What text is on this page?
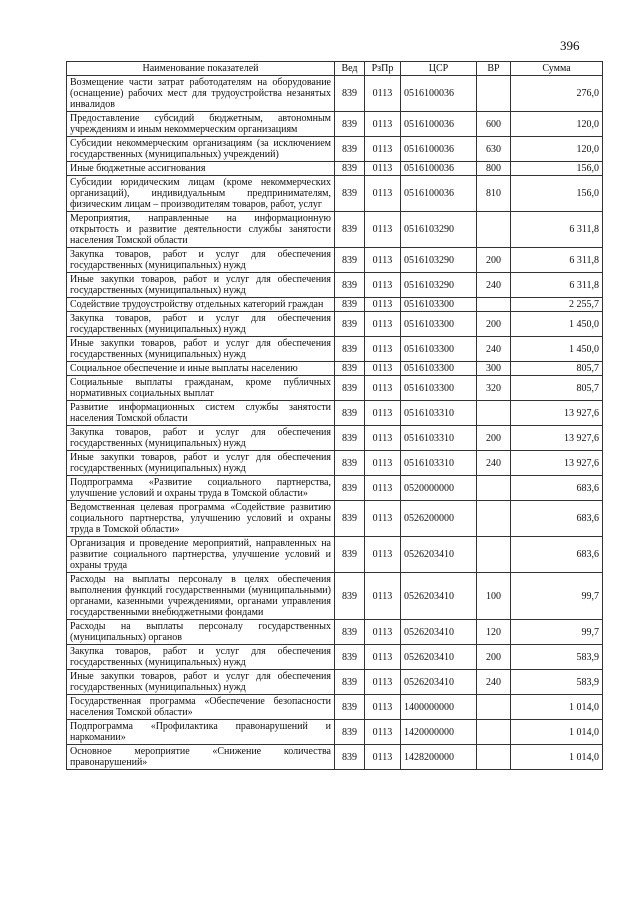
396
Наименование показателей	Вед	РзПр	ЦСР	ВР	Сумма
Возмещение части затрат работодателям на оборудование (оснащение) рабочих мест для трудоустройства незанятых инвалидов	839	0113	0516100036		276,0
Предоставление субсидий бюджетным, автономным учреждениям и иным некоммерческим организациям	839	0113	0516100036	600	120,0
Субсидии некоммерческим организациям (за исключением государственных (муниципальных) учреждений)	839	0113	0516100036	630	120,0
Иные бюджетные ассигнования	839	0113	0516100036	800	156,0
Субсидии юридическим лицам (кроме некоммерческих организаций), индивидуальным предпринимателям, физическим лицам – производителям товаров, работ, услуг	839	0113	0516100036	810	156,0
Мероприятия, направленные на информационную открытость и развитие деятельности службы занятости населения Томской области	839	0113	0516103290		6 311,8
Закупка товаров, работ и услуг для обеспечения государственных (муниципальных) нужд	839	0113	0516103290	200	6 311,8
Иные закупки товаров, работ и услуг для обеспечения государственных (муниципальных) нужд	839	0113	0516103290	240	6 311,8
Содействие трудоустройству отдельных категорий граждан	839	0113	0516103300		2 255,7
Закупка товаров, работ и услуг для обеспечения государственных (муниципальных) нужд	839	0113	0516103300	200	1 450,0
Иные закупки товаров, работ и услуг для обеспечения государственных (муниципальных) нужд	839	0113	0516103300	240	1 450,0
Социальное обеспечение и иные выплаты населению	839	0113	0516103300	300	805,7
Социальные выплаты гражданам, кроме публичных нормативных социальных выплат	839	0113	0516103300	320	805,7
Развитие информационных систем службы занятости населения Томской области	839	0113	0516103310		13 927,6
Закупка товаров, работ и услуг для обеспечения государственных (муниципальных) нужд	839	0113	0516103310	200	13 927,6
Иные закупки товаров, работ и услуг для обеспечения государственных (муниципальных) нужд	839	0113	0516103310	240	13 927,6
Подпрограмма «Развитие социального партнерства, улучшение условий и охраны труда в Томской области»	839	0113	0520000000		683,6
Ведомственная целевая программа «Содействие развитию социального партнерства, улучшению условий и охраны труда в Томской области»	839	0113	0526200000		683,6
Организация и проведение мероприятий, направленных на развитие социального партнерства, улучшение условий и охраны труда	839	0113	0526203410		683,6
Расходы на выплаты персоналу в целях обеспечения выполнения функций государственными (муниципальными) органами, казенными учреждениями, органами управления государственными внебюджетными фондами	839	0113	0526203410	100	99,7
Расходы на выплаты персоналу государственных (муниципальных) органов	839	0113	0526203410	120	99,7
Закупка товаров, работ и услуг для обеспечения государственных (муниципальных) нужд	839	0113	0526203410	200	583,9
Иные закупки товаров, работ и услуг для обеспечения государственных (муниципальных) нужд	839	0113	0526203410	240	583,9
Государственная программа «Обеспечение безопасности населения Томской области»	839	0113	1400000000		1 014,0
Подпрограмма «Профилактика правонарушений и наркомании»	839	0113	1420000000		1 014,0
Основное мероприятие «Снижение количества правонарушений»	839	0113	1428200000		1 014,0
